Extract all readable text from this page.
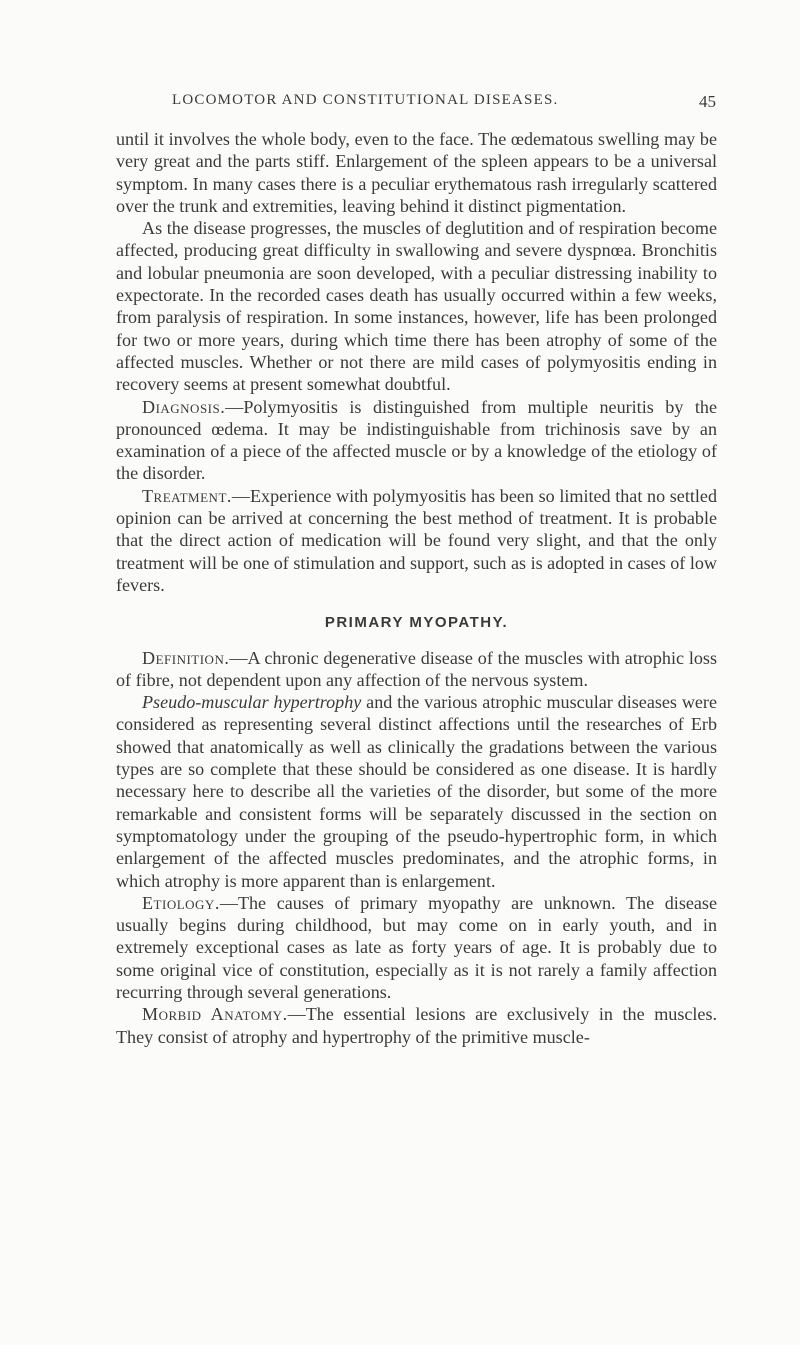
LOCOMOTOR AND CONSTITUTIONAL DISEASES.	45

until it involves the whole body, even to the face. The œdematous swelling may be very great and the parts stiff. Enlargement of the spleen appears to be a universal symptom. In many cases there is a peculiar erythematous rash irregularly scattered over the trunk and extremities, leaving behind it distinct pigmentation.

As the disease progresses, the muscles of deglutition and of respiration become affected, producing great difficulty in swallowing and severe dyspnœa. Bronchitis and lobular pneumonia are soon developed, with a peculiar distressing inability to expectorate. In the recorded cases death has usually occurred within a few weeks, from paralysis of respiration. In some instances, however, life has been prolonged for two or more years, during which time there has been atrophy of some of the affected muscles. Whether or not there are mild cases of polymyositis ending in recovery seems at present somewhat doubtful.

Diagnosis.—Polymyositis is distinguished from multiple neuritis by the pronounced œdema. It may be indistinguishable from trichinosis save by an examination of a piece of the affected muscle or by a knowledge of the etiology of the disorder.

Treatment.—Experience with polymyositis has been so limited that no settled opinion can be arrived at concerning the best method of treatment. It is probable that the direct action of medication will be found very slight, and that the only treatment will be one of stimulation and support, such as is adopted in cases of low fevers.

PRIMARY MYOPATHY.

Definition.—A chronic degenerative disease of the muscles with atrophic loss of fibre, not dependent upon any affection of the nervous system.

Pseudo-muscular hypertrophy and the various atrophic muscular diseases were considered as representing several distinct affections until the researches of Erb showed that anatomically as well as clinically the gradations between the various types are so complete that these should be considered as one disease. It is hardly necessary here to describe all the varieties of the disorder, but some of the more remarkable and consistent forms will be separately discussed in the section on symptomatology under the grouping of the pseudo-hypertrophic form, in which enlargement of the affected muscles predominates, and the atrophic forms, in which atrophy is more apparent than is enlargement.

Etiology.—The causes of primary myopathy are unknown. The disease usually begins during childhood, but may come on in early youth, and in extremely exceptional cases as late as forty years of age. It is probably due to some original vice of constitution, especially as it is not rarely a family affection recurring through several generations.

Morbid Anatomy.—The essential lesions are exclusively in the muscles. They consist of atrophy and hypertrophy of the primitive muscle-
